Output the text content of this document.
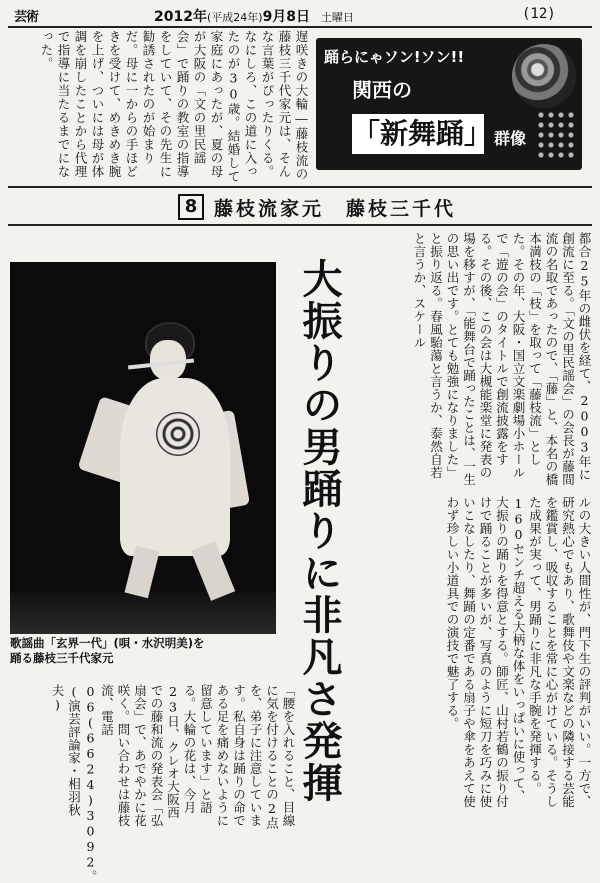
芸術	2012年(平成24年)9月8日 土曜日	(12)
遅咲きの大輪―藤枝流の藤枝三千代家元は、そんな言葉がぴったりくる。なにしろ、この道に入ったのが30歳。結婚して家庭にあったが、夏の母が大阪の「文の里民謡会」で踊りの教室の指導をしていて、その先生に勧誘されたのが始まりだ。母に一からの手ほどきを受けて、めきめき腕を上げ、ついには母が体調を崩したことから代理で指導に当たるまでになった。	踊らにゃソン!ソン!!
関西の
「新舞踊」 群像
8 藤枝流家元　藤枝三千代
歌謡曲「玄界一代」(唄・水沢明美)を
踊る藤枝三千代家元	大振りの男踊りに非凡さ発揮	都合25年の雌伏を経て、2003年に創流に至る。「文の里民謡会」の会長が藤間流の名取であったので、「藤」と、本名の橋本満枝の「枝」を取って「藤枝流」とした。その年、大阪・国立文楽劇場小ホールで「遊の会」のタイトルで創流披露をする。その後、この会は大槻能楽堂に発表の場を移すが、「能舞台で踊ったことは、一生の思い出です。とても勉強になりました」と振り返る。春風駘蕩と言うか、泰然自若と言うか、スケール
ルの大きい人間性が、門下生の評判がいい。一方で、研究熱心でもあり、歌舞伎や文楽などの隣接する芸能を鑑賞し、吸収することを常に心がけている。そうした成果が実って、男踊りに非凡な手腕を発揮する。160センチ超える大柄な体をいっぱいに使って、大振りの踊りを得意とする。師匠、山村若鶴の振り付けで踊ることが多いが、写真のように短刀を巧みに使いこなしたり、舞踊の定番である扇子や傘をあえて使わず珍しい小道具での演技で魅了する。
「腰を入れること、目線に気を付けることの2点を、弟子に注意しています。私自身は踊りの命である足を痛めないように留意しています」と語る。大輪の花は、今月23日、クレオ大阪西での藤和流の発表会「弘扇会」で、あでやかに花咲く。問い合わせは藤枝流、電話06(6624)3092。(演芸評論家・相羽秋夫)
